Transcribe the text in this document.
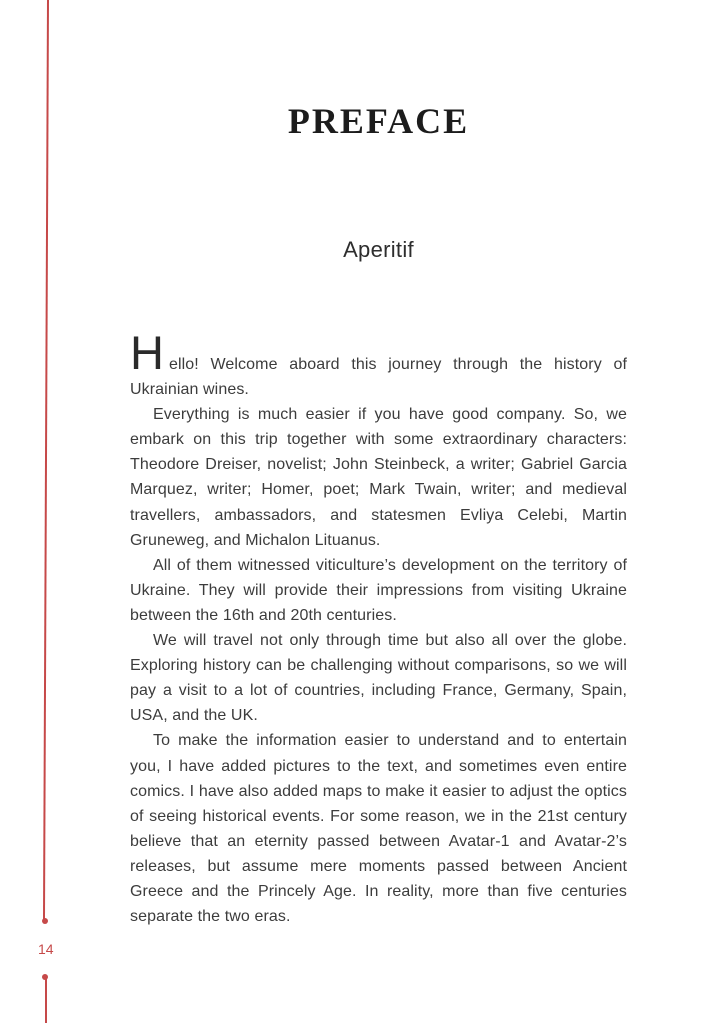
PREFACE
Aperitif

Hello! Welcome aboard this journey through the history of Ukrainian wines.

Everything is much easier if you have good company. So, we embark on this trip together with some extraordinary characters: Theodore Dreiser, novelist; John Steinbeck, a writer; Gabriel Garcia Marquez, writer; Homer, poet; Mark Twain, writer; and medieval travellers, ambassadors, and statesmen Evliya Celebi, Martin Gruneweg, and Michalon Lituanus.

All of them witnessed viticulture’s development on the territory of Ukraine. They will provide their impressions from visiting Ukraine between the 16th and 20th centuries.

We will travel not only through time but also all over the globe. Exploring history can be challenging without comparisons, so we will pay a visit to a lot of countries, including France, Germany, Spain, USA, and the UK.

To make the information easier to understand and to entertain you, I have added pictures to the text, and sometimes even entire comics. I have also added maps to make it easier to adjust the optics of seeing historical events. For some reason, we in the 21st century believe that an eternity passed between Avatar-1 and Avatar-2’s releases, but assume mere moments passed between Ancient Greece and the Princely Age. In reality, more than five centuries separate the two eras.

14
